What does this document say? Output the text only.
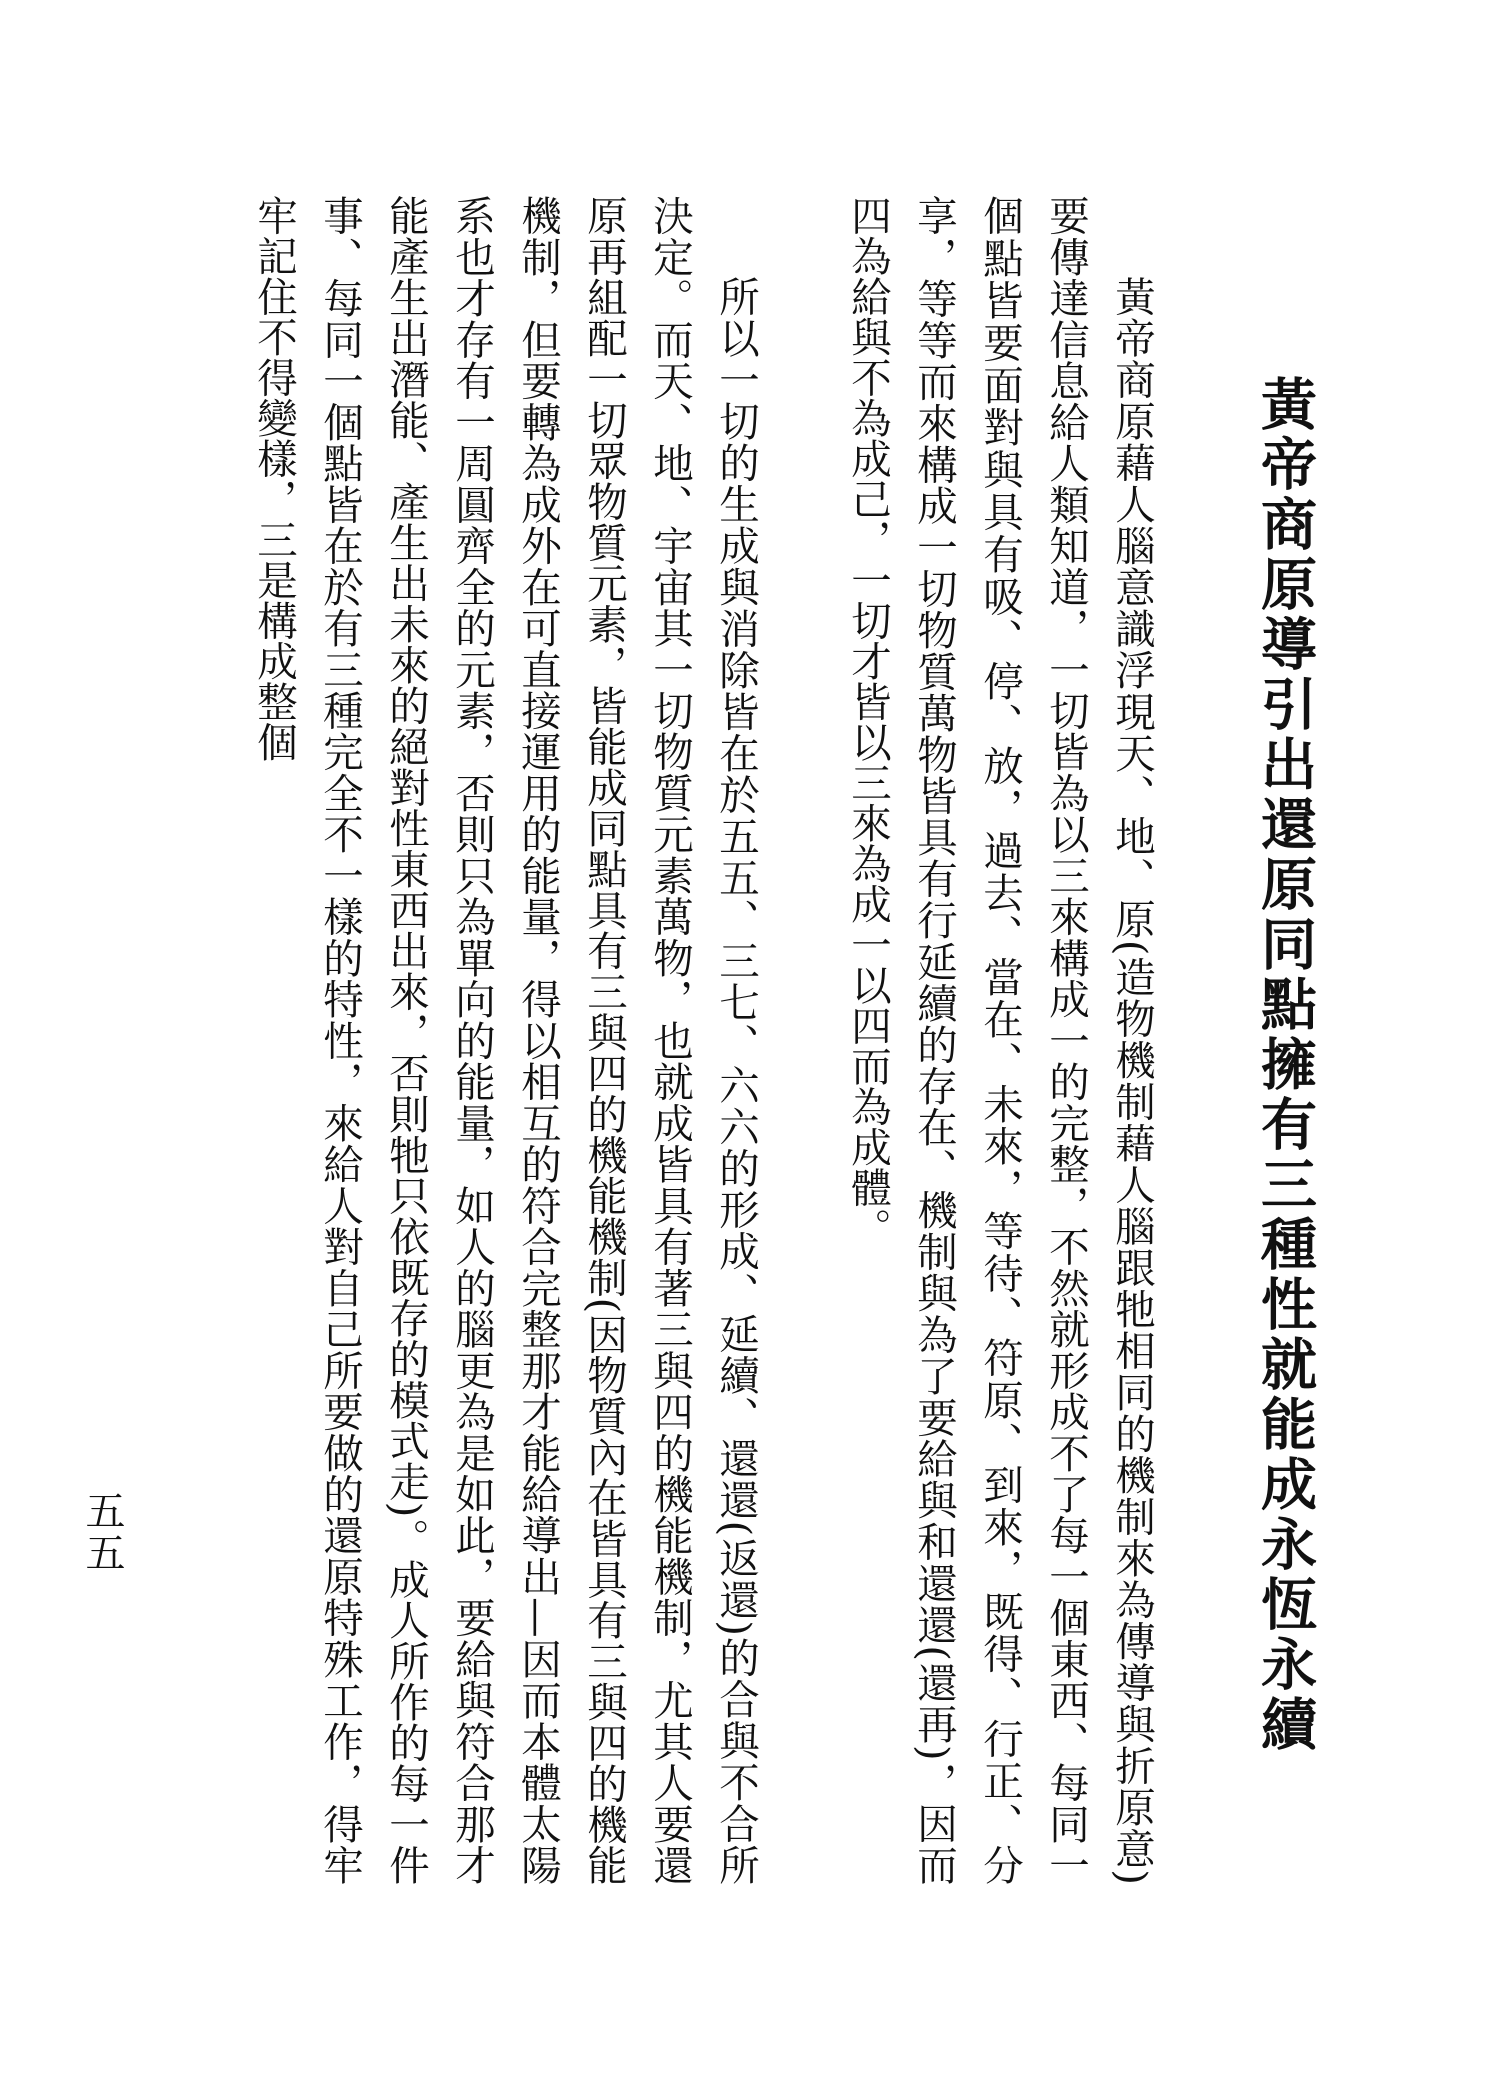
黃帝商原導引出還原同點擁有三種性就能成永恆永續

黃帝商原藉人腦意識浮現天、地、原(造物機制藉人腦跟牠相同的機制來為傳導與折原意)要傳達信息給人類知道，一切皆為以三來構成一的完整，不然就形成不了每一個東西、每同一個點皆要面對與具有吸、停、放，過去、當在、未來，等待、符原、到來，既得、行正、分享，等等而來構成一切物質萬物皆具有行延續的存在、機制與為了要給與和還還(還再)，因而四為給與不為成己，一切才皆以三來為成一以四而為成體。

所以一切的生成與消除皆在於五五、三七、六六的形成、延續、還還(返還)的合與不合所決定。而天、地、宇宙其一切物質元素萬物，也就成皆具有著三與四的機能機制，尤其人要還原再組配一切眾物質元素，皆能成同點具有三與四的機能機制(因物質內在皆具有三與四的機能機制，但要轉為成外在可直接運用的能量，得以相互的符合完整那才能給導出—因而本體太陽系也才存有一周圓齊全的元素，否則只為單向的能量，如人的腦更為是如此，要給與符合那才能產生出潛能、產生出未來的絕對性東西出來，否則牠只依既存的模式走)。成人所作的每一件事、每同一個點皆在於有三種完全不一樣的特性，來給人對自己所要做的還原特殊工作，得牢牢記住不得變樣，三是構成整個

五五
